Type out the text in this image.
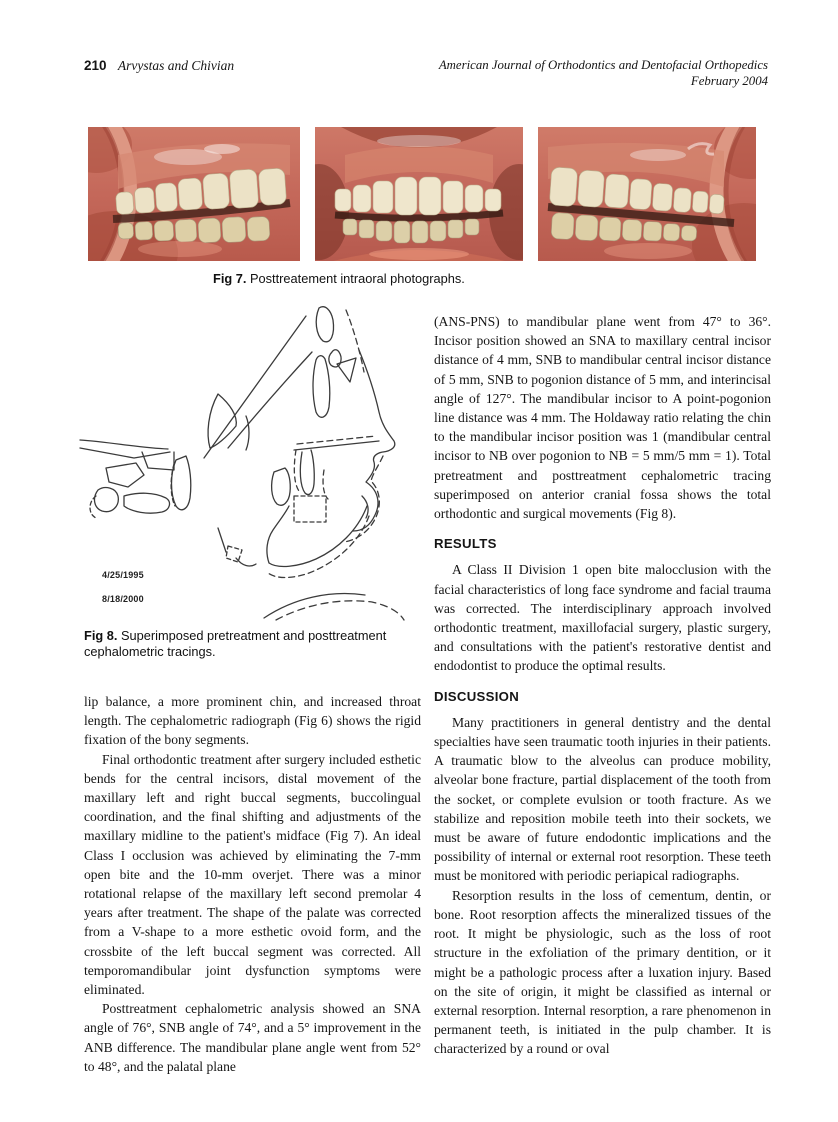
210 Arvystas and Chivian	American Journal of Orthodontics and Dentofacial Orthopedics
February 2004
Fig 7. Posttreatement intraoral photographs.
4/25/1995
8/18/2000
Fig 8. Superimposed pretreatment and posttreatment cephalometric tracings.

lip balance, a more prominent chin, and increased throat length. The cephalometric radiograph (Fig 6) shows the rigid fixation of the bony segments.

Final orthodontic treatment after surgery included esthetic bends for the central incisors, distal movement of the maxillary left and right buccal segments, buccolingual coordination, and the final shifting and adjustments of the maxillary midline to the patient's midface (Fig 7). An ideal Class I occlusion was achieved by eliminating the 7-mm open bite and the 10-mm overjet. There was a minor rotational relapse of the maxillary left second premolar 4 years after treatment. The shape of the palate was corrected from a V-shape to a more esthetic ovoid form, and the crossbite of the left buccal segment was corrected. All temporomandibular joint dysfunction symptoms were eliminated.

Posttreatment cephalometric analysis showed an SNA angle of 76°, SNB angle of 74°, and a 5° improvement in the ANB difference. The mandibular plane angle went from 52° to 48°, and the palatal plane

(ANS-PNS) to mandibular plane went from 47° to 36°. Incisor position showed an SNA to maxillary central incisor distance of 4 mm, SNB to mandibular central incisor distance of 5 mm, SNB to pogonion distance of 5 mm, and interincisal angle of 127°. The mandibular incisor to A point-pogonion line distance was 4 mm. The Holdaway ratio relating the chin to the mandibular incisor position was 1 (mandibular central incisor to NB over pogonion to NB = 5 mm/5 mm = 1). Total pretreatment and posttreatment cephalometric tracing superimposed on anterior cranial fossa shows the total orthodontic and surgical movements (Fig 8).

RESULTS

A Class II Division 1 open bite malocclusion with the facial characteristics of long face syndrome and facial trauma was corrected. The interdisciplinary approach involved orthodontic treatment, maxillofacial surgery, plastic surgery, and consultations with the patient's restorative dentist and endodontist to produce the optimal results.

DISCUSSION

Many practitioners in general dentistry and the dental specialties have seen traumatic tooth injuries in their patients. A traumatic blow to the alveolus can produce mobility, alveolar bone fracture, partial displacement of the tooth from the socket, or complete evulsion or tooth fracture. As we stabilize and reposition mobile teeth into their sockets, we must be aware of future endodontic implications and the possibility of internal or external root resorption. These teeth must be monitored with periodic periapical radiographs.

Resorption results in the loss of cementum, dentin, or bone. Root resorption affects the mineralized tissues of the root. It might be physiologic, such as the loss of root structure in the exfoliation of the primary dentition, or it might be a pathologic process after a luxation injury. Based on the site of origin, it might be classified as internal or external resorption. Internal resorption, a rare phenomenon in permanent teeth, is initiated in the pulp chamber. It is characterized by a round or oval
